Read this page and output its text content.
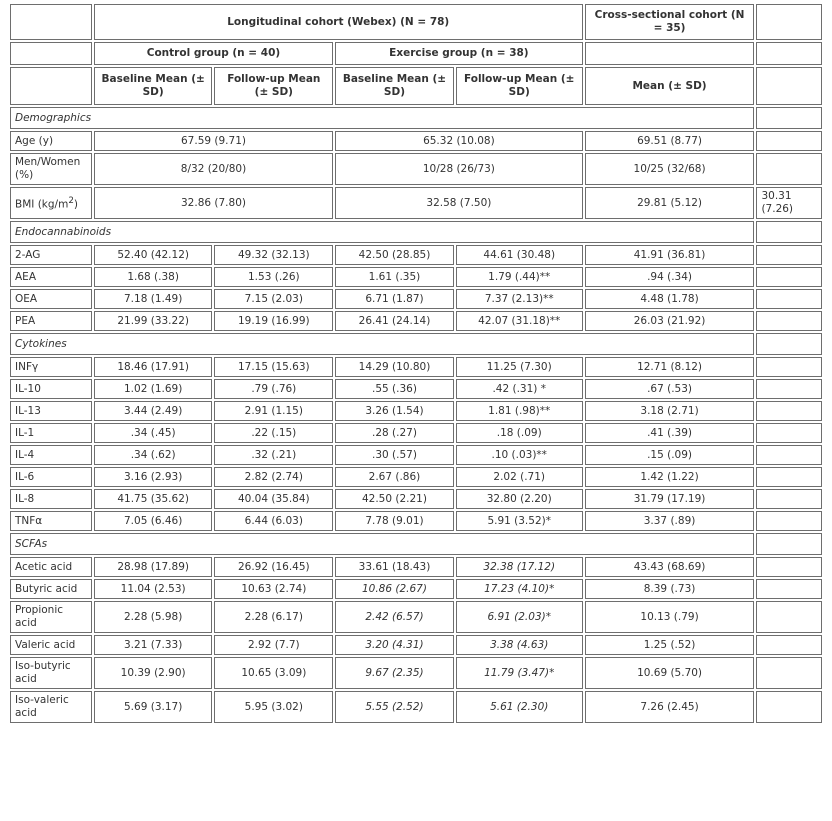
	Longitudinal cohort (Webex) (N = 78)				Cross-sectional cohort (N = 35)	
	Control group (n = 40)		Exercise group (n = 38)			
	Baseline Mean (± SD)	Follow-up Mean (± SD)	Baseline Mean (± SD)	Follow-up Mean (± SD)	Mean (± SD)	
Demographics						
Age (y)	67.59 (9.71)		65.32 (10.08)		69.51 (8.77)	
Men/Women (%)	8/32 (20/80)		10/28 (26/73)		10/25 (32/68)	
BMI $(kg/m^2)$	32.86 (7.80)		32.58 (7.50)		29.81 (5.12)	30.31 (7.26)
Endocannabinoids						
2-AG	52.40 (42.12)	49.32 (32.13)	42.50 (28.85)	44.61 (30.48)	41.91 (36.81)	
AEA	1.68 (.38)	1.53 (.26)	1.61 (.35)	1.79 (.44)**	.94 (.34)	
OEA	7.18 (1.49)	7.15 (2.03)	6.71 (1.87)	7.37 (2.13)**	4.48 (1.78)	
PEA	21.99 (33.22)	19.19 (16.99)	26.41 (24.14)	42.07 (31.18)**	26.03 (21.92)	
Cytokines						
INFγ	18.46 (17.91)	17.15 (15.63)	14.29 (10.80)	11.25 (7.30)	12.71 (8.12)	
IL-10	1.02 (1.69)	.79 (.76)	.55 (.36)	.42 (.31) *	.67 (.53)	
IL-13	3.44 (2.49)	2.91 (1.15)	3.26 (1.54)	1.81 (.98)**	3.18 (2.71)	
IL-1	.34 (.45)	.22 (.15)	.28 (.27)	.18 (.09)	.41 (.39)	
IL-4	.34 (.62)	.32 (.21)	.30 (.57)	.10 (.03)**	.15 (.09)	
IL-6	3.16 (2.93)	2.82 (2.74)	2.67 (.86)	2.02 (.71)	1.42 (1.22)	
IL-8	41.75 (35.62)	40.04 (35.84)	42.50 (2.21)	32.80 (2.20)	31.79 (17.19)	
TNFα	7.05 (6.46)	6.44 (6.03)	7.78 (9.01)	5.91 (3.52)*	3.37 (.89)	
SCFAs						
Acetic acid	28.98 (17.89)	26.92 (16.45)	33.61 (18.43)	32.38 (17.12)	43.43 (68.69)	
Butyric acid	11.04 (2.53)	10.63 (2.74)	10.86 (2.67)	17.23 (4.10)*	8.39 (.73)	
Propionic acid	2.28 (5.98)	2.28 (6.17)	2.42 (6.57)	6.91 (2.03)*	10.13 (.79)	
Valeric acid	3.21 (7.33)	2.92 (7.7)	3.20 (4.31)	3.38 (4.63)	1.25 (.52)	
Iso-butyric acid	10.39 (2.90)	10.65 (3.09)	9.67 (2.35)	11.79 (3.47)*	10.69 (5.70)	
Iso-valeric acid	5.69 (3.17)	5.95 (3.02)	5.55 (2.52)	5.61 (2.30)	7.26 (2.45)	
